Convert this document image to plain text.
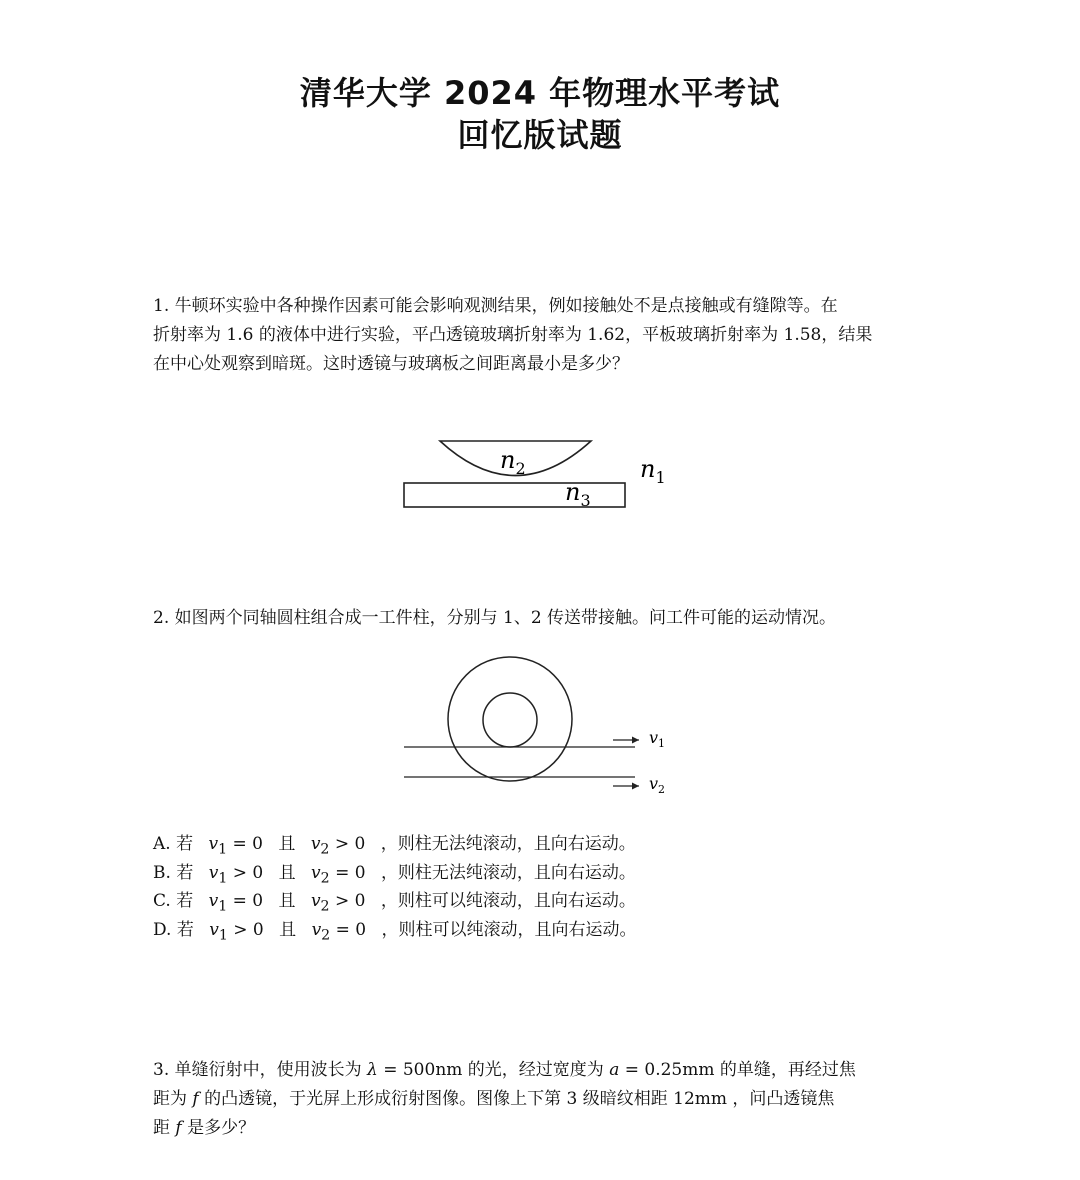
清华大学 2024 年物理水平考试
回忆版试题
1. 牛顿环实验中各种操作因素可能会影响观测结果，例如接触处不是点接触或有缝隙等。在
折射率为 1.6 的液体中进行实验，平凸透镜玻璃折射率为 1.62，平板玻璃折射率为 1.58，结果
在中心处观察到暗斑。这时透镜与玻璃板之间距离最小是多少？
$n_2$
$n_3$
$n_1$
2. 如图两个同轴圆柱组合成一工件柱，分别与 1、2 传送带接触。问工件可能的运动情况。
$v_1$
$v_2$
A. 若 $v_1 = 0$ 且 $v_2 > 0$ ，则柱无法纯滚动，且向右运动。
B. 若 $v_1 > 0$ 且 $v_2 = 0$ ，则柱无法纯滚动，且向右运动。
C. 若 $v_1 = 0$ 且 $v_2 > 0$ ，则柱可以纯滚动，且向右运动。
D. 若 $v_1 > 0$ 且 $v_2 = 0$ ，则柱可以纯滚动，且向右运动。
3. 单缝衍射中，使用波长为 λ = 500nm 的光，经过宽度为 a = 0.25mm 的单缝，再经过焦
距为 f 的凸透镜，于光屏上形成衍射图像。图像上下第 3 级暗纹相距 12mm ，问凸透镜焦
距 f 是多少？
